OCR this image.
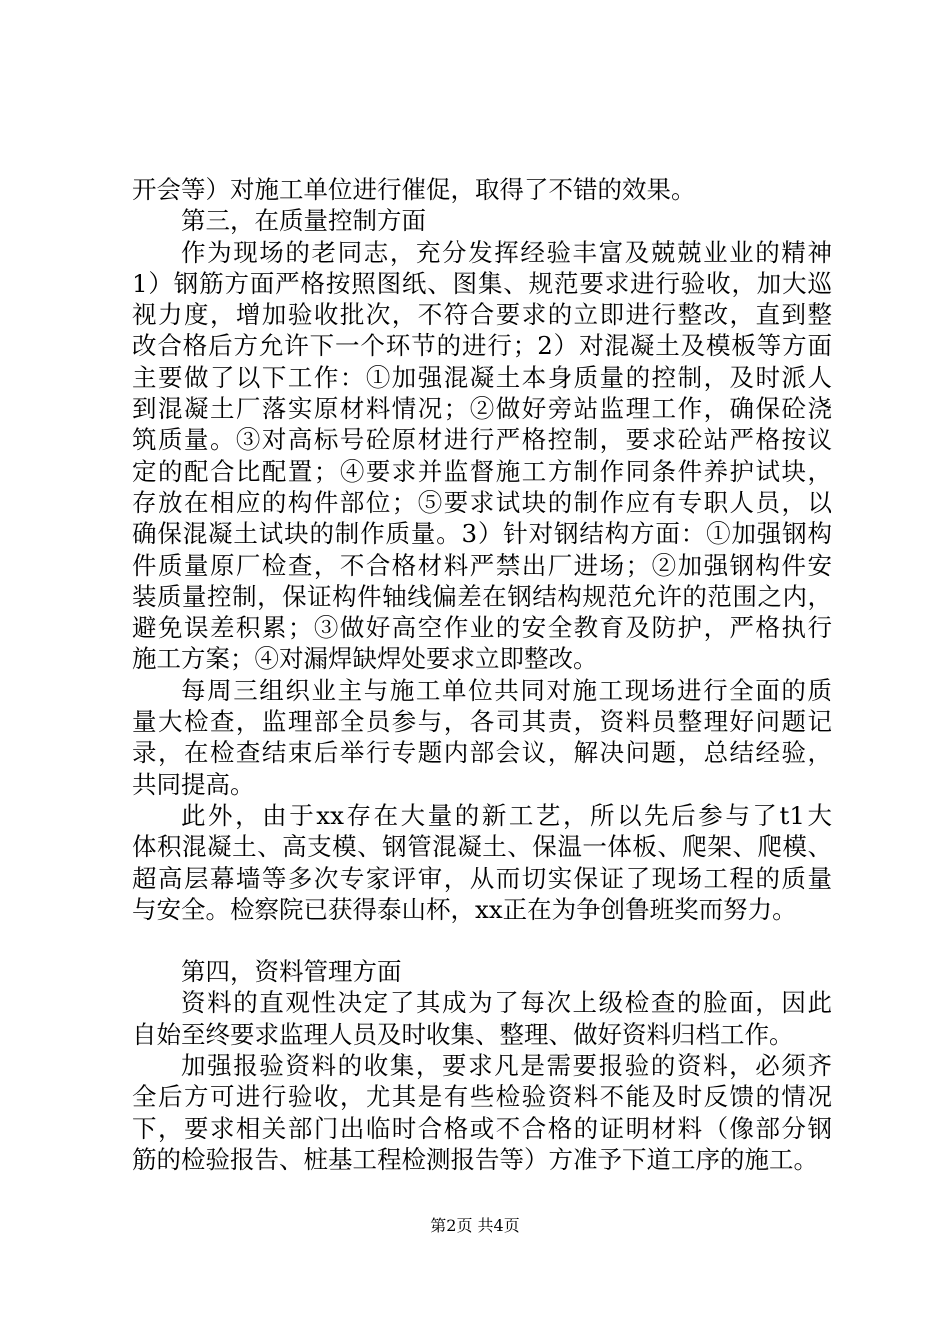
开会等）对施工单位进行催促，取得了不错的效果。
第三，在质量控制方面
作为现场的老同志，充分发挥经验丰富及兢兢业业的精神
1）钢筋方面严格按照图纸、图集、规范要求进行验收，加大巡
视力度，增加验收批次，不符合要求的立即进行整改，直到整
改合格后方允许下一个环节的进行；2）对混凝土及模板等方面
主要做了以下工作：①加强混凝土本身质量的控制，及时派人
到混凝土厂落实原材料情况；②做好旁站监理工作，确保砼浇
筑质量。③对高标号砼原材进行严格控制，要求砼站严格按议
定的配合比配置；④要求并监督施工方制作同条件养护试块，
存放在相应的构件部位；⑤要求试块的制作应有专职人员，以
确保混凝土试块的制作质量。3）针对钢结构方面：①加强钢构
件质量原厂检查，不合格材料严禁出厂进场；②加强钢构件安
装质量控制，保证构件轴线偏差在钢结构规范允许的范围之内，
避免误差积累；③做好高空作业的安全教育及防护，严格执行
施工方案；④对漏焊缺焊处要求立即整改。
每周三组织业主与施工单位共同对施工现场进行全面的质
量大检查，监理部全员参与，各司其责，资料员整理好问题记
录，在检查结束后举行专题内部会议，解决问题，总结经验，
共同提高。
此外，由于xx存在大量的新工艺，所以先后参与了t1大
体积混凝土、高支模、钢管混凝土、保温一体板、爬架、爬模、
超高层幕墙等多次专家评审，从而切实保证了现场工程的质量
与安全。检察院已获得泰山杯，xx正在为争创鲁班奖而努力。
第四，资料管理方面
资料的直观性决定了其成为了每次上级检查的脸面，因此
自始至终要求监理人员及时收集、整理、做好资料归档工作。
加强报验资料的收集，要求凡是需要报验的资料，必须齐
全后方可进行验收，尤其是有些检验资料不能及时反馈的情况
下，要求相关部门出临时合格或不合格的证明材料（像部分钢
筋的检验报告、桩基工程检测报告等）方准予下道工序的施工。
第2页 共4页
